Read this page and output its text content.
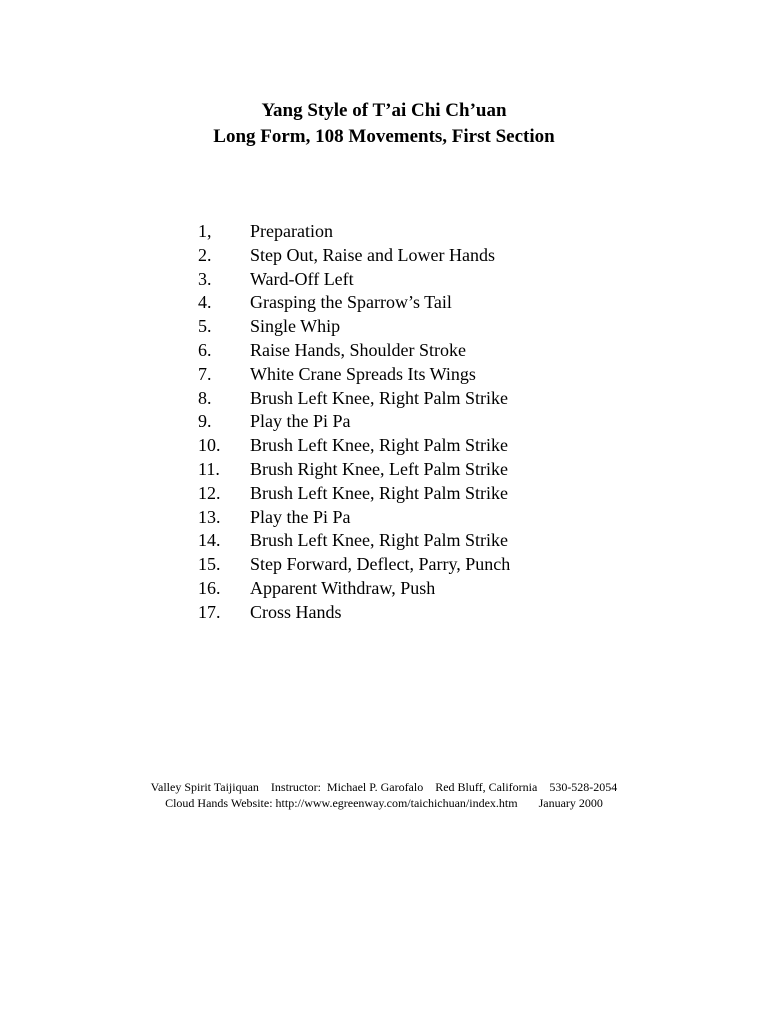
Yang Style of T’ai Chi Ch’uan
Long Form, 108 Movements, First Section
1, Preparation
2. Step Out, Raise and Lower Hands
3. Ward-Off Left
4. Grasping the Sparrow’s Tail
5. Single Whip
6. Raise Hands, Shoulder Stroke
7. White Crane Spreads Its Wings
8. Brush Left Knee, Right Palm Strike
9. Play the Pi Pa
10. Brush Left Knee, Right Palm Strike
11. Brush Right Knee, Left Palm Strike
12. Brush Left Knee, Right Palm Strike
13. Play the Pi Pa
14. Brush Left Knee, Right Palm Strike
15. Step Forward, Deflect, Parry, Punch
16. Apparent Withdraw, Push
17. Cross Hands
Valley Spirit Taijiquan    Instructor:  Michael P. Garofalo    Red Bluff, California    530-528-2054
Cloud Hands Website: http://www.egreenway.com/taichichuan/index.htm       January 2000
